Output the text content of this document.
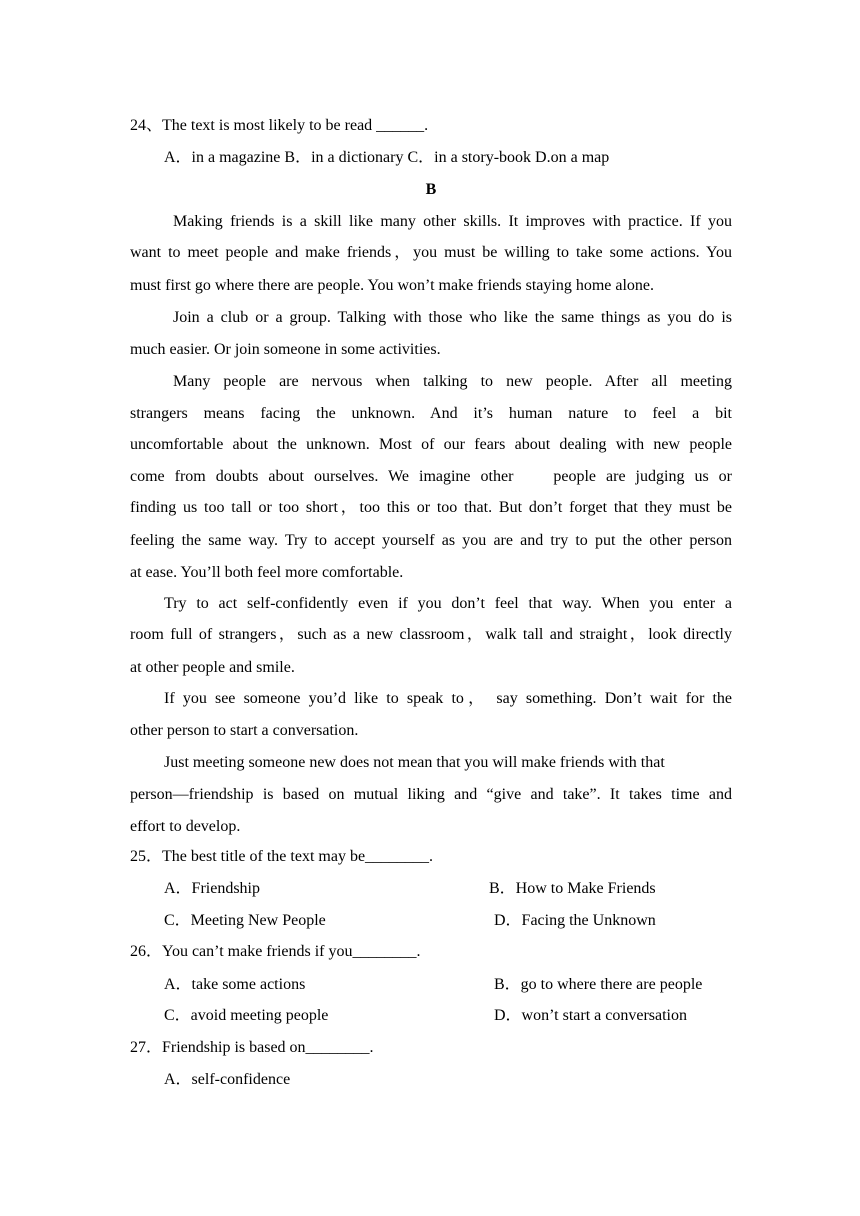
24、The text is most likely to be read ______.
A．in a magazine B．in a dictionary C．in a story-book D.on a map
B
Making friends is a skill like many other skills. It improves with practice. If you
want to meet people and make friends，you must be willing to take some actions. You
must first go where there are people. You won’t make friends staying home alone.
Join a club or a group. Talking with those who like the same things as you do is
much easier. Or join someone in some activities.
Many people are nervous when talking to new people. After all meeting
strangers means facing the unknown. And it’s human nature to feel a bit
uncomfortable about the unknown. Most of our fears about dealing with new people
come from doubts about ourselves. We imagine other    people are judging us or
finding us too tall or too short，too this or too that. But don’t forget that they must be
feeling the same way. Try to accept yourself as you are and try to put the other person
at ease. You’ll both feel more comfortable.
Try to act self-confidently even if you don’t feel that way. When you enter a
room full of strangers，such as a new classroom，walk tall and straight，look directly
at other people and smile.
If you see someone you’d like to speak to， say something. Don’t wait for the
other person to start a conversation.
Just meeting someone new does not mean that you will make friends with that
person—friendship is based on mutual liking and “give and take”. It takes time and
effort to develop.
25．The best title of the text may be________.
A．Friendship	B．How to Make Friends
C．Meeting New People	D．Facing the Unknown
26．You can’t make friends if you________.
A．take some actions	B．go to where there are people
C．avoid meeting people	D．won’t start a conversation
27．Friendship is based on________.
A．self-confidence
